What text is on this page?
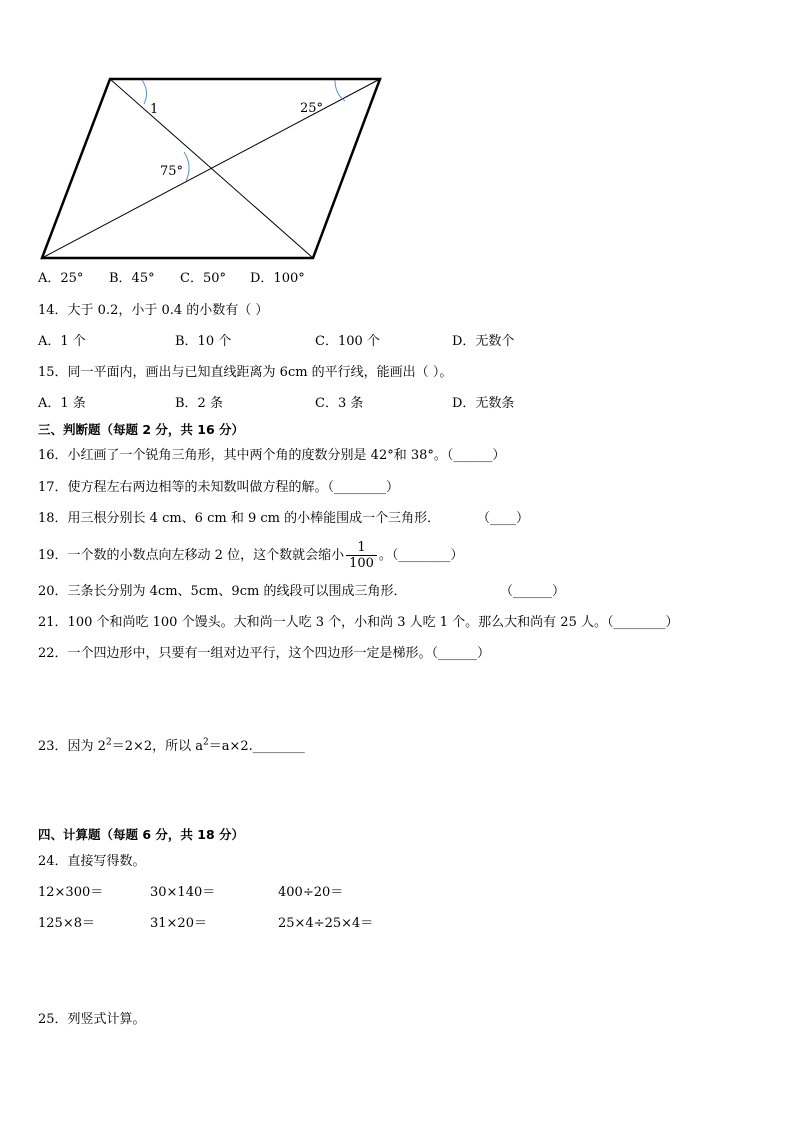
1	25°
75°
A．25° B．45° C．50° D．100°
14．大于 0.2，小于 0.4 的小数有（ ）
A．1 个	B．10 个	C．100 个	D．无数个
15．同一平面内，画出与已知直线距离为 6cm 的平行线，能画出（ ）。
A．1 条	B．2 条	C．3 条	D．无数条
三、判断题（每题 2 分，共 16 分）
16．小红画了一个锐角三角形，其中两个角的度数分别是 42°和 38°。（______）
17．使方程左右两边相等的未知数叫做方程的解。（________）
18．用三根分别长 4 cm、6 cm 和 9 cm 的小棒能围成一个三角形．	（____）
19．一个数的小数点向左移动 2 位，这个数就会缩小 $\frac{1}{100}$ 。（________）
20．三条长分别为 4cm、5cm、9cm 的线段可以围成三角形．	（______）
21．100 个和尚吃 100 个馒头。大和尚一人吃 3 个，小和尚 3 人吃 1 个。那么大和尚有 25 人。（________）
22．一个四边形中，只要有一组对边平行，这个四边形一定是梯形。（______）
23．因为 $2^2=2\times 2$，所以 $a^2=a\times 2.\_\_\_\_\_\_\_\_$
四、计算题（每题 6 分，共 18 分）
24．直接写得数。
12×300＝	30×140＝	400÷20＝
125×8＝	31×20＝	25×4÷25×4＝
25．列竖式计算。
